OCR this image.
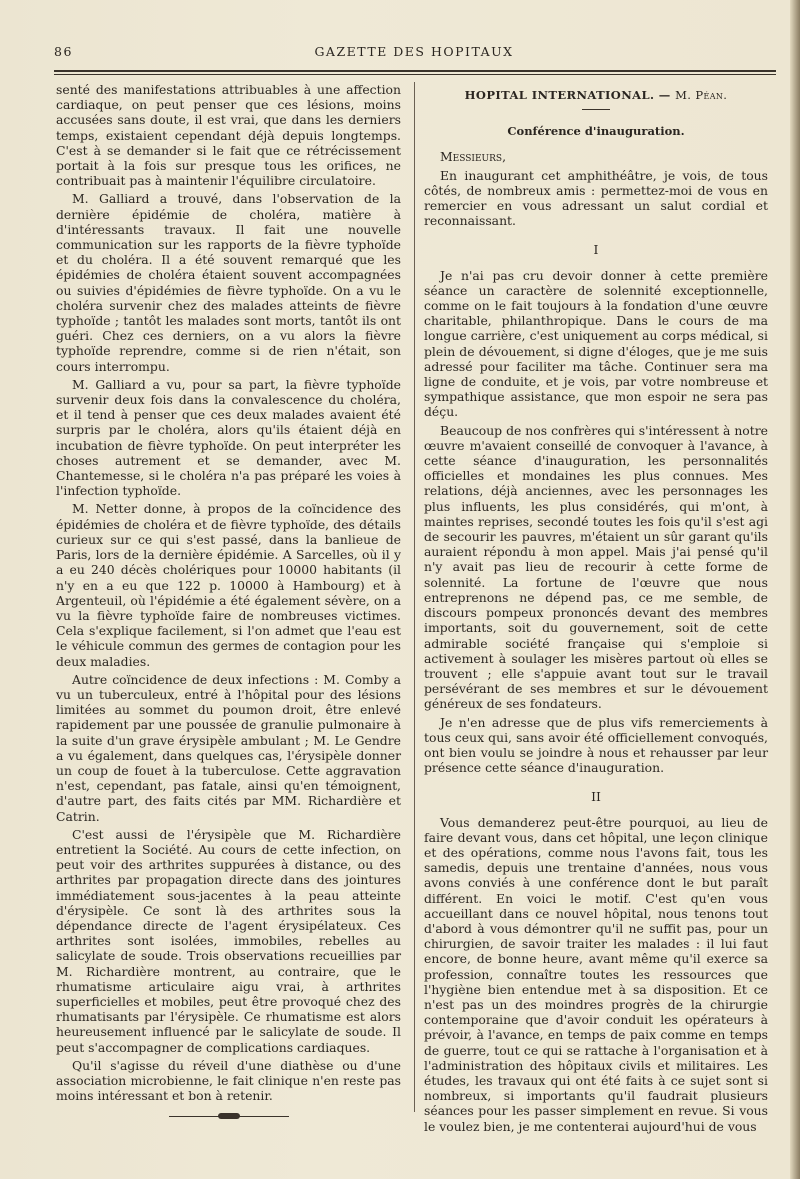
86	GAZETTE DES HOPITAUX

senté des manifestations attribuables à une affection cardiaque, on peut penser que ces lésions, moins accusées sans doute, il est vrai, que dans les derniers temps, existaient cependant déjà depuis longtemps. C'est à se demander si le fait que ce rétrécissement portait à la fois sur presque tous les orifices, ne contribuait pas à maintenir l'équilibre circulatoire.

M. Galliard a trouvé, dans l'observation de la dernière épidémie de choléra, matière à d'intéressants travaux. Il fait une nouvelle communication sur les rapports de la fièvre typhoïde et du choléra. Il a été souvent remarqué que les épidémies de choléra étaient souvent accompagnées ou suivies d'épidémies de fièvre typhoïde. On a vu le choléra survenir chez des malades atteints de fièvre typhoïde ; tantôt les malades sont morts, tantôt ils ont guéri. Chez ces derniers, on a vu alors la fièvre typhoïde reprendre, comme si de rien n'était, son cours interrompu.

M. Galliard a vu, pour sa part, la fièvre typhoïde survenir deux fois dans la convalescence du choléra, et il tend à penser que ces deux malades avaient été surpris par le choléra, alors qu'ils étaient déjà en incubation de fièvre typhoïde. On peut interpréter les choses autrement et se demander, avec M. Chantemesse, si le choléra n'a pas préparé les voies à l'infection typhoïde.

M. Netter donne, à propos de la coïncidence des épidémies de choléra et de fièvre typhoïde, des détails curieux sur ce qui s'est passé, dans la banlieue de Paris, lors de la dernière épidémie. A Sarcelles, où il y a eu 240 décès cholériques pour 10000 habitants (il n'y en a eu que 122 p. 10000 à Hambourg) et à Argenteuil, où l'épidémie a été également sévère, on a vu la fièvre typhoïde faire de nombreuses victimes. Cela s'explique facilement, si l'on admet que l'eau est le véhicule commun des germes de contagion pour les deux maladies.

Autre coïncidence de deux infections : M. Comby a vu un tuberculeux, entré à l'hôpital pour des lésions limitées au sommet du poumon droit, être enlevé rapidement par une poussée de granulie pulmonaire à la suite d'un grave érysipèle ambulant ; M. Le Gendre a vu également, dans quelques cas, l'érysipèle donner un coup de fouet à la tuberculose. Cette aggravation n'est, cependant, pas fatale, ainsi qu'en témoignent, d'autre part, des faits cités par MM. Richardière et Catrin.

C'est aussi de l'érysipèle que M. Richardière entretient la Société. Au cours de cette infection, on peut voir des arthrites suppurées à distance, ou des arthrites par propagation directe dans des jointures immédiatement sous-jacentes à la peau atteinte d'érysipèle. Ce sont là des arthrites sous la dépendance directe de l'agent érysipélateux. Ces arthrites sont isolées, immobiles, rebelles au salicylate de soude. Trois observations recueillies par M. Richardière montrent, au contraire, que le rhumatisme articulaire aigu vrai, à arthrites superficielles et mobiles, peut être provoqué chez des rhumatisants par l'érysipèle. Ce rhumatisme est alors heureusement influencé par le salicylate de soude. Il peut s'accompagner de complications cardiaques.

Qu'il s'agisse du réveil d'une diathèse ou d'une association microbienne, le fait clinique n'en reste pas moins intéressant et bon à retenir.

HOPITAL INTERNATIONAL. — M. Péan.
Conférence d'inauguration.

Messieurs,

En inaugurant cet amphithéâtre, je vois, de tous côtés, de nombreux amis : permettez-moi de vous en remercier en vous adressant un salut cordial et reconnaissant.

I

Je n'ai pas cru devoir donner à cette première séance un caractère de solennité exceptionnelle, comme on le fait toujours à la fondation d'une œuvre charitable, philanthropique. Dans le cours de ma longue carrière, c'est uniquement au corps médical, si plein de dévouement, si digne d'éloges, que je me suis adressé pour faciliter ma tâche. Continuer sera ma ligne de conduite, et je vois, par votre nombreuse et sympathique assistance, que mon espoir ne sera pas déçu.

Beaucoup de nos confrères qui s'intéressent à notre œuvre m'avaient conseillé de convoquer à l'avance, à cette séance d'inauguration, les personnalités officielles et mondaines les plus connues. Mes relations, déjà anciennes, avec les personnages les plus influents, les plus considérés, qui m'ont, à maintes reprises, secondé toutes les fois qu'il s'est agi de secourir les pauvres, m'étaient un sûr garant qu'ils auraient répondu à mon appel. Mais j'ai pensé qu'il n'y avait pas lieu de recourir à cette forme de solennité. La fortune de l'œuvre que nous entreprenons ne dépend pas, ce me semble, de discours pompeux prononcés devant des membres importants, soit du gouvernement, soit de cette admirable société française qui s'emploie si activement à soulager les misères partout où elles se trouvent ; elle s'appuie avant tout sur le travail persévérant de ses membres et sur le dévouement généreux de ses fondateurs.

Je n'en adresse que de plus vifs remerciements à tous ceux qui, sans avoir été officiellement convoqués, ont bien voulu se joindre à nous et rehausser par leur présence cette séance d'inauguration.

II

Vous demanderez peut-être pourquoi, au lieu de faire devant vous, dans cet hôpital, une leçon clinique et des opérations, comme nous l'avons fait, tous les samedis, depuis une trentaine d'années, nous vous avons conviés à une conférence dont le but paraît différent. En voici le motif. C'est qu'en vous accueillant dans ce nouvel hôpital, nous tenons tout d'abord à vous démontrer qu'il ne suffit pas, pour un chirurgien, de savoir traiter les malades : il lui faut encore, de bonne heure, avant même qu'il exerce sa profession, connaître toutes les ressources que l'hygiène bien entendue met à sa disposition. Et ce n'est pas un des moindres progrès de la chirurgie contemporaine que d'avoir conduit les opérateurs à prévoir, à l'avance, en temps de paix comme en temps de guerre, tout ce qui se rattache à l'organisation et à l'administration des hôpitaux civils et militaires. Les études, les travaux qui ont été faits à ce sujet sont si nombreux, si importants qu'il faudrait plusieurs séances pour les passer simplement en revue. Si vous le voulez bien, je me contenterai aujourd'hui de vous
